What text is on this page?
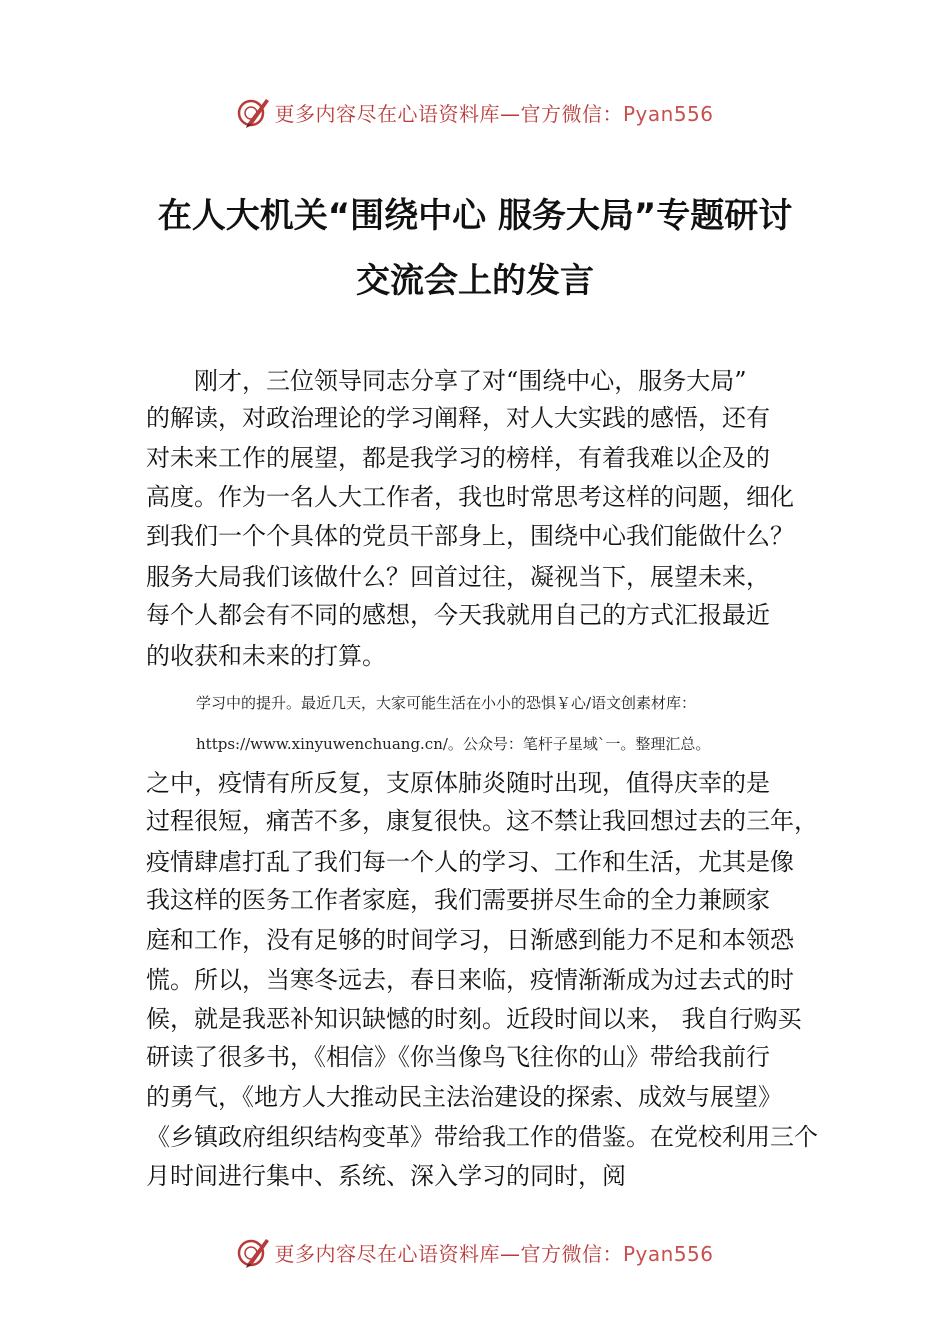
更多内容尽在心语资料库—官方微信：Pyan556
在人大机关“围绕中心 服务大局”专题研讨
交流会上的发言
　　刚才，三位领导同志分享了对“围绕中心，服务大局”
的解读，对政治理论的学习阐释，对人大实践的感悟，还有
对未来工作的展望，都是我学习的榜样，有着我难以企及的
高度。作为一名人大工作者，我也时常思考这样的问题，细化
到我们一个个具体的党员干部身上，围绕中心我们能做什么？
服务大局我们该做什么？回首过往，凝视当下，展望未来，
每个人都会有不同的感想，今天我就用自己的方式汇报最近
的收获和未来的打算。
学习中的提升。最近几天，大家可能生活在小小的恐惧￥心/语文创素材库：
https://www.xinyuwenchuang.cn/。公众号：笔杆子星域`一。整理汇总。
之中，疫情有所反复，支原体肺炎随时出现，值得庆幸的是
过程很短，痛苦不多，康复很快。这不禁让我回想过去的三年，
疫情肆虐打乱了我们每一个人的学习、工作和生活，尤其是像
我这样的医务工作者家庭，我们需要拼尽生命的全力兼顾家
庭和工作，没有足够的时间学习，日渐感到能力不足和本领恐
慌。所以，当寒冬远去，春日来临，疫情渐渐成为过去式的时
候，就是我恶补知识缺憾的时刻。近段时间以来， 我自行购买
研读了很多书，《相信》《你当像鸟飞往你的山》带给我前行
的勇气，《地方人大推动民主法治建设的探索、成效与展望》
《乡镇政府组织结构变革》带给我工作的借鉴。在党校利用三个
月时间进行集中、系统、深入学习的同时，阅
更多内容尽在心语资料库—官方微信：Pyan556
